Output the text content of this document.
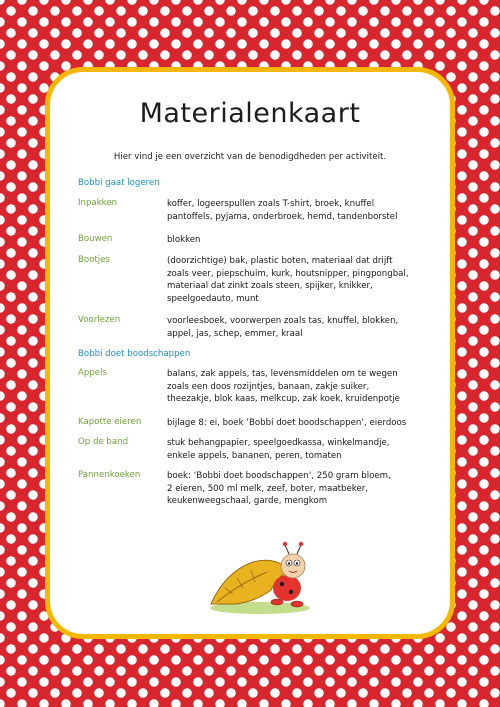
Materialenkaart
Hier vind je een overzicht van de benodigdheden per activiteit.
Bobbi gaat logeren
Inpakken	koffer, logeerspullen zoals T-shirt, broek, knuffel
pantoffels, pyjama, onderbroek, hemd, tandenborstel
Bouwen	blokken
Bootjes	(doorzichtige) bak, plastic boten, materiaal dat drijft
zoals veer, piepschuim, kurk, houtsnipper, pingpongbal,
materiaal dat zinkt zoals steen, spijker, knikker,
speelgoedauto, munt
Voorlezen	voorleesboek, voorwerpen zoals tas, knuffel, blokken,
appel, jas, schep, emmer, kraal
Bobbi doet boodschappen
Appels	balans, zak appels, tas, levensmiddelen om te wegen
zoals een doos rozijntjes, banaan, zakje suiker,
theezakje, blok kaas, melkcup, zak koek, kruidenpotje
Kapotte eieren	bijlage 8: ei, boek ‘Bobbi doet boodschappen’, eierdoos
Op de band	stuk behangpapier, speelgoedkassa, winkelmandje,
enkele appels, bananen, peren, tomaten
Pannenkoeken	boek: ‘Bobbi doet boodschappen’, 250 gram bloem,
2 eieren, 500 ml melk, zeef, boter, maatbeker,
keukenweegschaal, garde, mengkom
